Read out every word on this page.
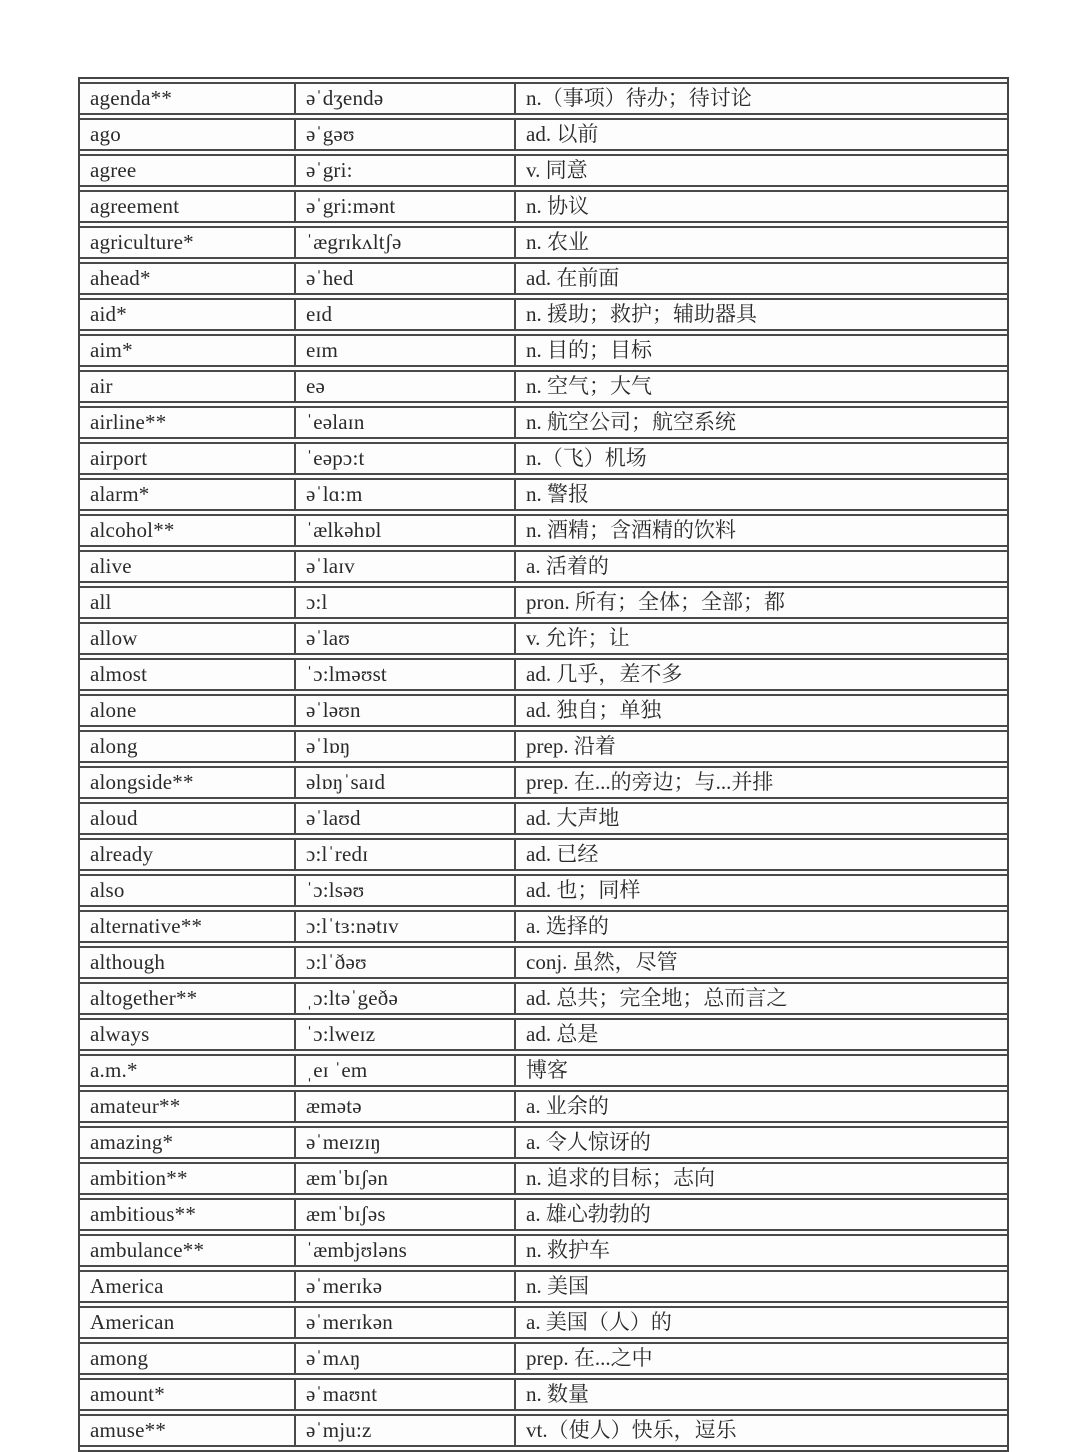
agenda**	əˈdʒendə	n.（事项）待办；待讨论
ago	əˈgəʊ	ad. 以前
agree	əˈgri:	v. 同意
agreement	əˈgri:mənt	n. 协议
agriculture*	ˈægrɪkʌltʃə	n. 农业
ahead*	əˈhed	ad. 在前面
aid*	eɪd	n. 援助；救护；辅助器具
aim*	eɪm	n. 目的；目标
air	eə	n. 空气；大气
airline**	ˈeəlaɪn	n. 航空公司；航空系统
airport	ˈeəpɔ:t	n.（飞）机场
alarm*	əˈlɑ:m	n. 警报
alcohol**	ˈælkəhɒl	n. 酒精；含酒精的饮料
alive	əˈlaɪv	a. 活着的
all	ɔ:l	pron. 所有；全体；全部；都
allow	əˈlaʊ	v. 允许；让
almost	ˈɔ:lməʊst	ad. 几乎，差不多
alone	əˈləʊn	ad. 独自；单独
along	əˈlɒŋ	prep. 沿着
alongside**	əlɒŋˈsaɪd	prep. 在...的旁边；与...并排
aloud	əˈlaʊd	ad. 大声地
already	ɔ:lˈredɪ	ad. 已经
also	ˈɔ:lsəʊ	ad. 也；同样
alternative**	ɔ:lˈtɜ:nətɪv	a. 选择的
although	ɔ:lˈðəʊ	conj. 虽然，尽管
altogether**	ˌɔ:ltəˈgeðə	ad. 总共；完全地；总而言之
always	ˈɔ:lweɪz	ad. 总是
a.m.*	ˌeɪ ˈem	博客
amateur**	æmətə	a. 业余的
amazing*	əˈmeɪzɪŋ	a. 令人惊讶的
ambition**	æmˈbɪʃən	n. 追求的目标；志向
ambitious**	æmˈbɪʃəs	a. 雄心勃勃的
ambulance**	ˈæmbjʊləns	n. 救护车
America	əˈmerɪkə	n. 美国
American	əˈmerɪkən	a. 美国（人）的
among	əˈmʌŋ	prep. 在...之中
amount*	əˈmaʊnt	n. 数量
amuse**	əˈmju:z	vt.（使人）快乐，逗乐
